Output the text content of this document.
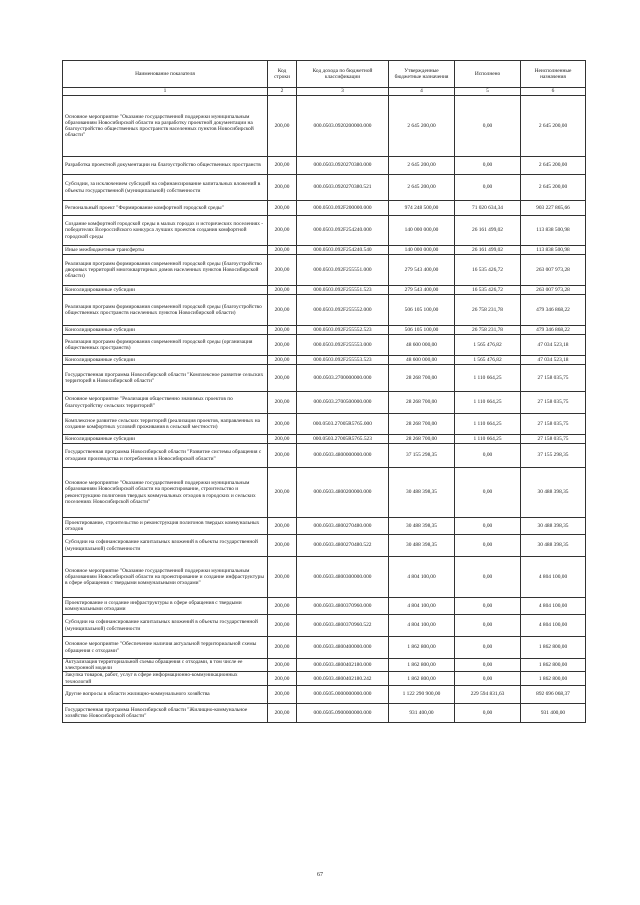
Наименование показателя	Код строки	Код дохода по бюджетной классификации	Утвержденные бюджетные назначения	Исполнено	Неисполненные назначения
1	2	3	4	5	6
Основное мероприятие "Оказание государственной поддержки муниципальным образованиям Новосибирской области на разработку проектной документации на благоустройство общественных пространств населенных пунктов Новосибирской области"	200,00	000.0503.0920200000.000	2 645 200,00	0,00	2 645 200,00
Разработка проектной документации на благоустройство общественных пространств	200,00	000.0503.0920270380.000	2 645 200,00	0,00	2 645 200,00
Субсидии, за исключением субсидий на софинансирование капитальных вложений в объекты государственной (муниципальной) собственности	200,00	000.0503.0920270380.521	2 645 200,00	0,00	2 645 200,00
Региональный проект "Формирование комфортной городской среды"	200,00	000.0503.092F200000.000	974 248 500,00	71 020 634,34	903 227 865,66
Создание комфортной городской среды в малых городах и исторических поселениях - победителях Всероссийского конкурса лучших проектов создания комфортной городской среды	200,00	000.0503.092F254240.000	140 000 000,00	26 161 499,02	113 838 500,98
Иные межбюджетные трансферты	200,00	000.0503.092F254240.540	140 000 000,00	26 161 499,02	113 838 500,98
Реализация программ формирования современной городской среды (благоустройство дворовых территорий многоквартирных домов населенных пунктов Новосибирской области)	200,00	000.0503.092F255551.000	279 543 400,00	16 535 426,72	263 007 973,28
Консолидированные субсидии	200,00	000.0503.092F255551.523	279 543 400,00	16 535 426,72	263 007 973,28
Реализация программ формирования современной городской среды (благоустройство общественных пространств населенных пунктов Новосибирской области)	200,00	000.0503.092F255552.000	506 105 100,00	26 758 231,78	479 346 868,22
Консолидированные субсидии	200,00	000.0503.092F255552.523	506 105 100,00	26 758 231,78	479 346 868,22
Реализация программ формирования современной городской среды (организация общественных пространств)	200,00	000.0503.092F255553.000	48 600 000,00	1 565 476,82	47 034 523,18
Консолидированные субсидии	200,00	000.0503.092F255553.523	48 600 000,00	1 565 476,82	47 034 523,18
Государственная программа Новосибирской области "Комплексное развитие сельских территорий в Новосибирской области"	200,00	000.0503.2700000000.000	28 268 700,00	1 110 664,25	27 158 035,75
Основное мероприятие "Реализация общественно значимых проектов по благоустройству сельских территорий"	200,00	000.0503.2700500000.000	28 268 700,00	1 110 664,25	27 158 035,75
Комплексное развитие сельских территорий (реализация проектов, направленных на создание комфортных условий проживания в сельской местности)	200,00	000.0503.27005R5765.000	28 268 700,00	1 110 664,25	27 158 035,75
Консолидированные субсидии	200,00	000.0503.27005R5765.523	28 268 700,00	1 110 664,25	27 158 035,75
Государственная программа Новосибирской области "Развитие системы обращения с отходами производства и потребления в Новосибирской области"	200,00	000.0503.4800000000.000	37 155 298,35	0,00	37 155 298,35
Основное мероприятие "Оказание государственной поддержки муниципальным образованиям Новосибирской области на проектирование, строительство и реконструкцию полигонов твердых коммунальных отходов в городских и сельских поселениях Новосибирской области"	200,00	000.0503.4800200000.000	30 488 398,35	0,00	30 488 398,35
Проектирование, строительство и реконструкция полигонов твердых коммунальных отходов	200,00	000.0503.4800270480.000	30 488 398,35	0,00	30 488 398,35
Субсидии на софинансирование капитальных вложений в объекты государственной (муниципальной) собственности	200,00	000.0503.4800270480.522	30 488 398,35	0,00	30 488 398,35
Основное мероприятие "Оказание государственной поддержки муниципальным образованиям Новосибирской области на проектирование и создание инфраструктуры в сфере обращения с твердыми коммунальными отходами"	200,00	000.0503.4800300000.000	4 804 100,00	0,00	4 804 100,00
Проектирование и создание инфраструктуры в сфере обращения с твердыми коммунальными отходами	200,00	000.0503.4800370960.000	4 804 100,00	0,00	4 804 100,00
Субсидии на софинансирование капитальных вложений в объекты государственной (муниципальной) собственности	200,00	000.0503.4800370960.522	4 804 100,00	0,00	4 804 100,00
Основное мероприятие "Обеспечение наличия актуальной территориальной схемы обращения с отходами"	200,00	000.0503.4800400000.000	1 862 800,00	0,00	1 862 800,00
Актуализация территориальной схемы обращения с отходами, в том числе ее электронной модели	200,00	000.0503.4800402180.000	1 862 800,00	0,00	1 862 800,00
Закупка товаров, работ, услуг в сфере информационно-коммуникационных технологий	200,00	000.0503.4800402180.242	1 862 800,00	0,00	1 862 800,00
Другие вопросы в области жилищно-коммунального хозяйства	200,00	000.0505.0000000000.000	1 122 290 900,00	229 594 831,63	892 696 068,37
Государственная программа Новосибирской области "Жилищно-коммунальное хозяйство Новосибирской области"	200,00	000.0505.0900000000.000	931 400,00	0,00	931 400,00
67
